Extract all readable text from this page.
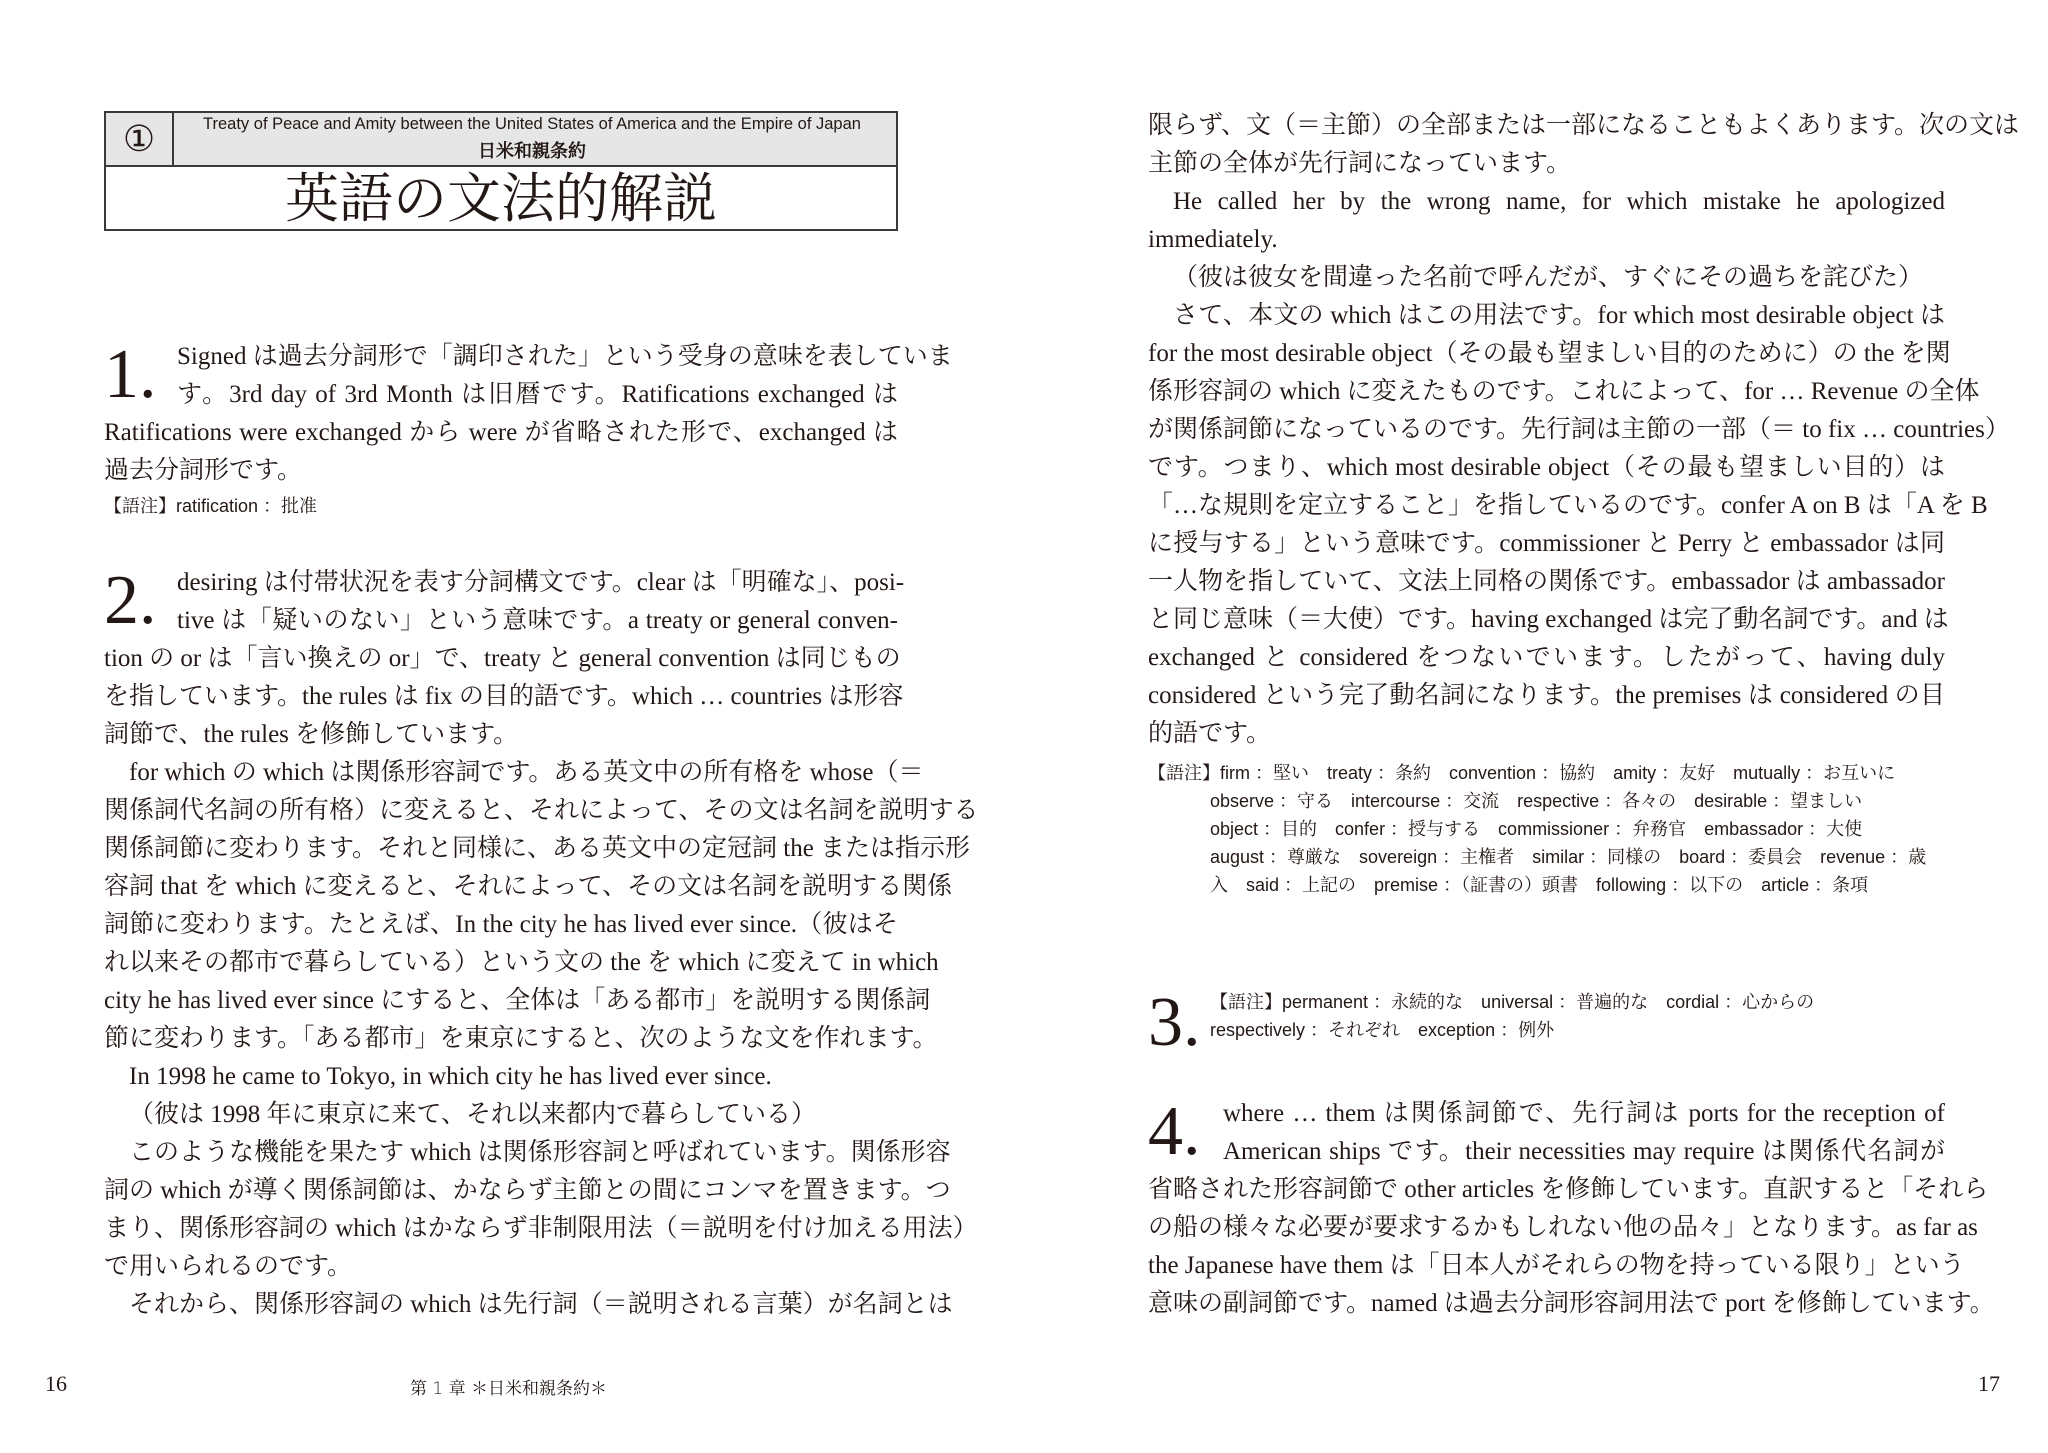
①	Treaty of Peace and Amity between the United States of America and the Empire of Japan
日米和親条約
英語の文法的解説
1. Signed は過去分詞形で「調印された」という受身の意味を表していま
す。3rd day of 3rd Month は旧暦です。Ratifications exchanged は
Ratifications were exchanged から were が省略された形で、exchanged は
過去分詞形です。
【語注】ratification ：批准
2. desiring は付帯状況を表す分詞構文です。clear は「明確な」、posi-
tive は「疑いのない」という意味です。a treaty or general conven-
tion の or は「言い換えの or」で、treaty と general convention は同じもの
を指しています。the rules は fix の目的語です。which … countries は形容
詞節で、the rules を修飾しています。
for which の which は関係形容詞です。ある英文中の所有格を whose（＝
関係詞代名詞の所有格）に変えると、それによって、その文は名詞を説明する
関係詞節に変わります。それと同様に、ある英文中の定冠詞 the または指示形
容詞 that を which に変えると、それによって、その文は名詞を説明する関係
詞節に変わります。たとえば、In the city he has lived ever since.（彼はそ
れ以来その都市で暮らしている）という文の the を which に変えて in which
city he has lived ever since にすると、全体は「ある都市」を説明する関係詞
節に変わります。「ある都市」を東京にすると、次のような文を作れます。
In 1998 he came to Tokyo, in which city he has lived ever since.
（彼は 1998 年に東京に来て、それ以来都内で暮らしている）
このような機能を果たす which は関係形容詞と呼ばれています。関係形容
詞の which が導く関係詞節は、かならず主節との間にコンマを置きます。つ
まり、関係形容詞の which はかならず非制限用法（＝説明を付け加える用法）
で用いられるのです。
それから、関係形容詞の which は先行詞（＝説明される言葉）が名詞とは
16	第 1 章 ＊日米和親条約＊
限らず、文（＝主節）の全部または一部になることもよくあります。次の文は
主節の全体が先行詞になっています。
He called her by the wrong name, for which mistake he apologized
immediately.
（彼は彼女を間違った名前で呼んだが、すぐにその過ちを詫びた）
さて、本文の which はこの用法です。for which most desirable object は
for the most desirable object（その最も望ましい目的のために）の the を関
係形容詞の which に変えたものです。これによって、for … Revenue の全体
が関係詞節になっているのです。先行詞は主節の一部（＝ to fix … countries）
です。つまり、which most desirable object（その最も望ましい目的）は
「…な規則を定立すること」を指しているのです。confer A on B は「A を B
に授与する」という意味です。commissioner と Perry と embassador は同
一人物を指していて、文法上同格の関係です。embassador は ambassador
と同じ意味（＝大使）です。having exchanged は完了動名詞です。and は
exchanged と considered をつないでいます。したがって、having duly
considered という完了動名詞になります。the premises は considered の目
的語です。
【語注】firm ：堅い　treaty ：条約　convention ：協約　amity ：友好　mutually ：お互いに
observe ：守る　intercourse ：交流　respective ：各々の　desirable ：望ましい
object ：目的　confer ：授与する　commissioner ：弁務官　embassador ：大使
august ：尊厳な　sovereign ：主権者　similar ：同様の　board ：委員会　revenue ：歳
入　said ：上記の　premise ：（証書の）頭書　following ：以下の　article ：条項
3. 【語注】permanent ：永続的な　universal ：普遍的な　cordial ：心からの
respectively ：それぞれ　exception ：例外
4. where … them は関係詞節で、先行詞は ports for the reception of
American ships です。their necessities may require は関係代名詞が
省略された形容詞節で other articles を修飾しています。直訳すると「それら
の船の様々な必要が要求するかもしれない他の品々」となります。as far as
the Japanese have them は「日本人がそれらの物を持っている限り」という
意味の副詞節です。named は過去分詞形容詞用法で port を修飾しています。
17
